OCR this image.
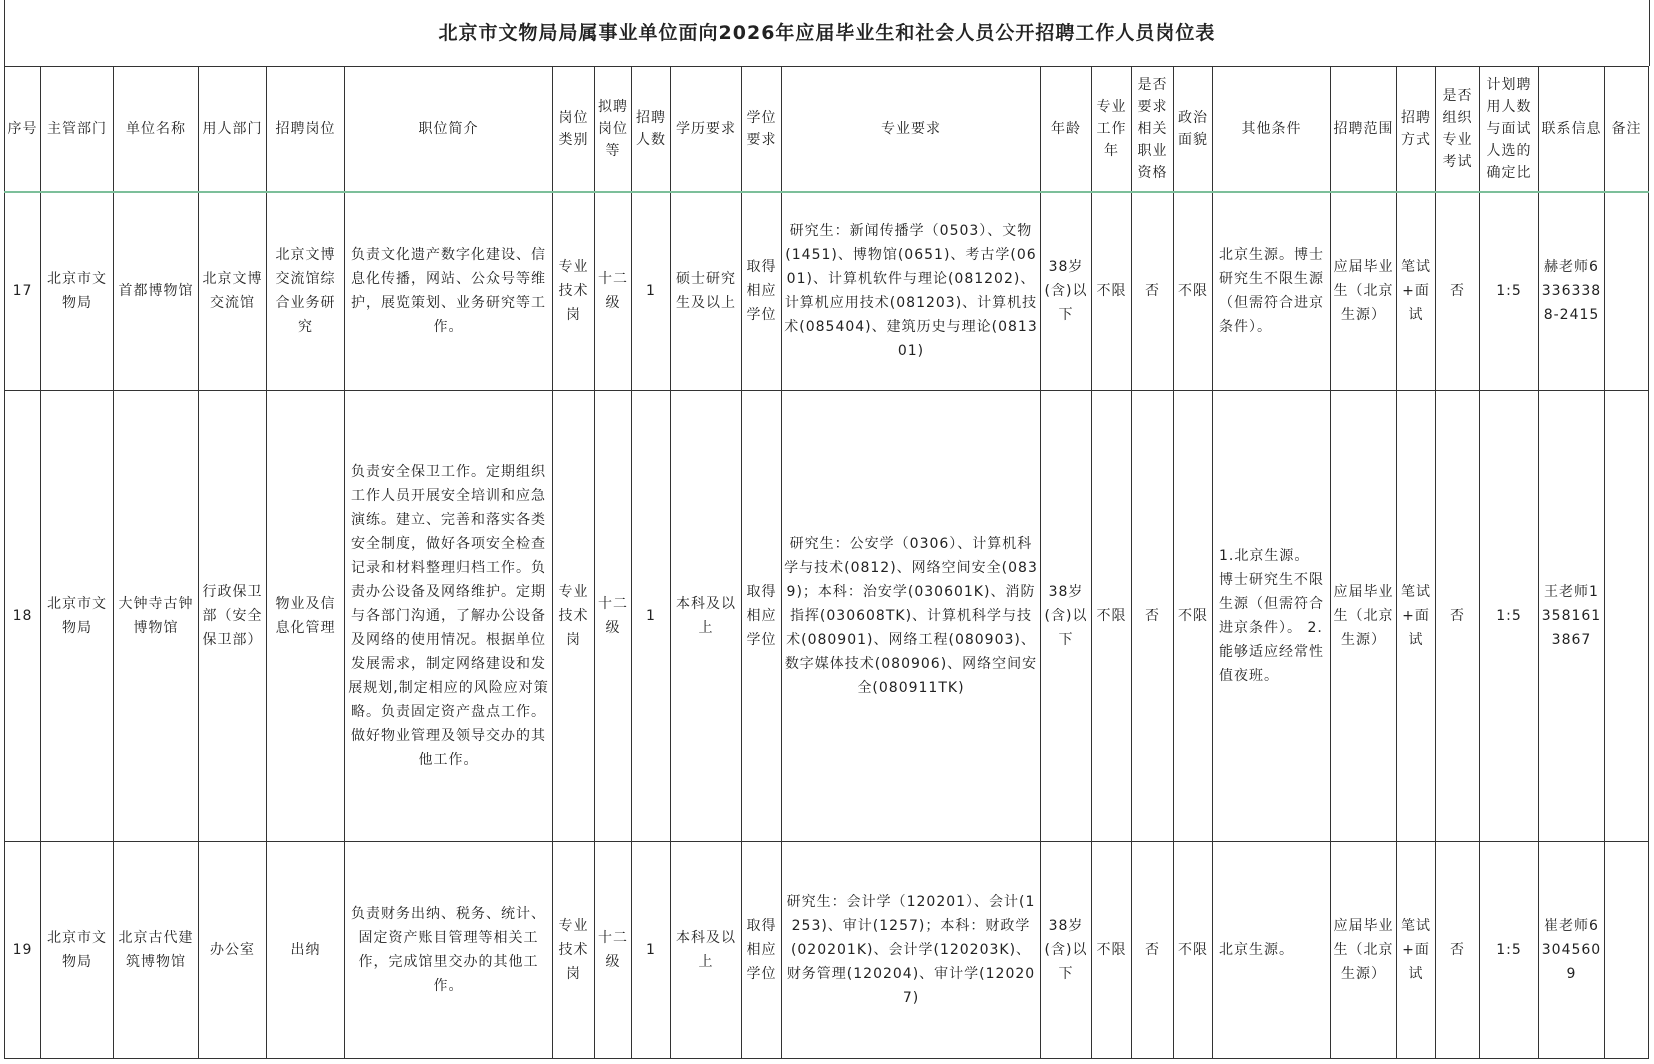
北京市文物局局属事业单位面向2026年应届毕业生和社会人员公开招聘工作人员岗位表
序号	主管部门	单位名称	用人部门	招聘岗位	职位简介	岗位类别	拟聘岗位等	招聘人数	学历要求	学位要求	专业要求	年龄	专业工作年	是否要求相关职业资格	政治面貌	其他条件	招聘范围	招聘方式	是否组织专业考试	计划聘用人数与面试人选的确定比	联系信息	备注
17	北京市文物局	首都博物馆	北京文博交流馆	北京文博交流馆综合业务研究	负责文化遗产数字化建设、信息化传播，网站、公众号等维护，展览策划、业务研究等工作。	专业技术岗	十二级	1	硕士研究生及以上	取得相应学位	研究生：新闻传播学（0503）、文物(1451)、博物馆(0651)、考古学(0601)、计算机软件与理论(081202)、计算机应用技术(081203)、计算机技术(085404)、建筑历史与理论(081301)	38岁(含)以下	不限	否	不限	北京生源。博士研究生不限生源（但需符合进京条件）。	应届毕业生（北京生源）	笔试+面试	否	1:5	赫老师63363388-2415	
18	北京市文物局	大钟寺古钟博物馆	行政保卫部（安全保卫部）	物业及信息化管理	负责安全保卫工作。定期组织工作人员开展安全培训和应急演练。建立、完善和落实各类安全制度，做好各项安全检查记录和材料整理归档工作。负责办公设备及网络维护。定期与各部门沟通，了解办公设备及网络的使用情况。根据单位发展需求，制定网络建设和发展规划,制定相应的风险应对策略。负责固定资产盘点工作。做好物业管理及领导交办的其他工作。	专业技术岗	十二级	1	本科及以上	取得相应学位	研究生：公安学（0306）、计算机科学与技术(0812)、网络空间安全(0839)；本科：治安学(030601K)、消防指挥(030608TK)、计算机科学与技术(080901)、网络工程(080903)、数字媒体技术(080906)、网络空间安全(080911TK)	38岁(含)以下	不限	否	不限	1.北京生源。博士研究生不限生源（但需符合进京条件）。 2.能够适应经常性值夜班。	应届毕业生（北京生源）	笔试+面试	否	1:5	王老师13581613867	
19	北京市文物局	北京古代建筑博物馆	办公室	出纳	负责财务出纳、税务、统计、固定资产账目管理等相关工作，完成馆里交办的其他工作。	专业技术岗	十二级	1	本科及以上	取得相应学位	研究生：会计学（120201）、会计(1253)、审计(1257)；本科：财政学(020201K)、会计学(120203K)、财务管理(120204)、审计学(120207)	38岁(含)以下	不限	否	不限	北京生源。	应届毕业生（北京生源）	笔试+面试	否	1:5	崔老师63045609	
